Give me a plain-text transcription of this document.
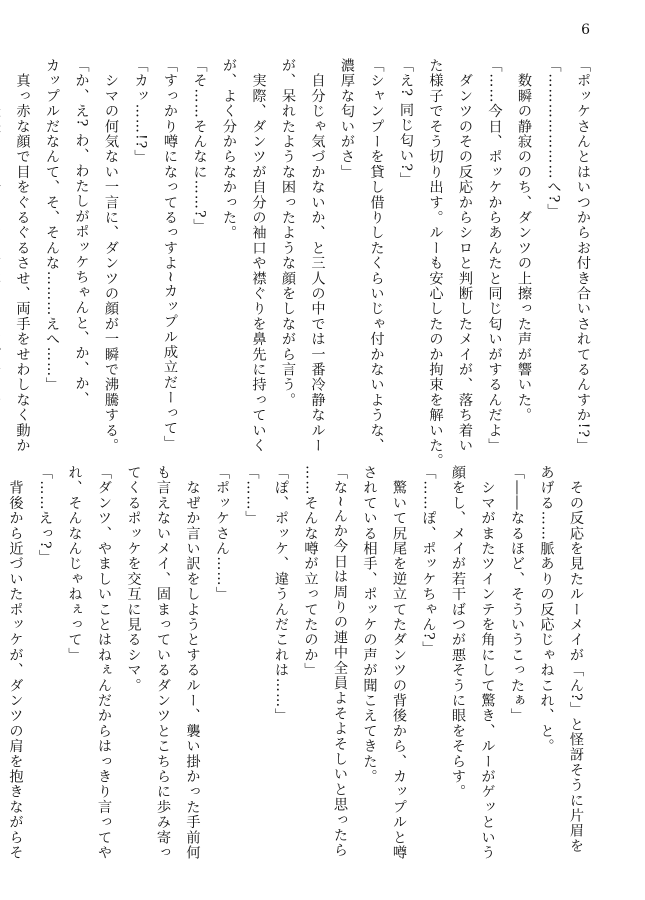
6
「ポッケさんとはいつからお付き合いされてるんすか!?」
「…………………へ?」
　数瞬の静寂ののち、ダンツの上擦った声が響いた。
「……今日、ポッケからあんたと同じ匂いがするんだよ」
　ダンツのその反応からシロと判断したメイが、落ち着い
た様子でそう切り出す。ルーも安心したのか拘束を解いた。
「え? 同じ匂い?」
「シャンプーを貸し借りしたくらいじゃ付かないような、
濃厚な匂いがさ」
　自分じゃ気づかないか、と三人の中では一番冷静なルー
が、呆れたような困ったような顔をしながら言う。
　実際、ダンツが自分の袖口や襟ぐりを鼻先に持っていく
が、よく分からなかった。
「そ……そんなに……?」
「すっかり噂になってるっすよ~カップル成立だーって」
「カッ……!?」
　シマの何気ない一言に、ダンツの顔が一瞬で沸騰する。
「か、え? わ、わたしがポッケちゃんと、か、か、
カップルだなんて、そ、そんな………えへ……」
　真っ赤な顔で目をぐるぐるさせ、両手をせわしなく動か
　その反応を見たルーメイが「ん?」と怪訝そうに片眉を
あげる……脈ありの反応じゃねこれ、と。
「――なるほど、そういうこったぁ」
　シマがまたツインテを角にして驚き、ルーがゲッという
顔をし、メイが若干ばつが悪そうに眼をそらす。
「……ぽ、ポッケちゃん?」
　驚いて尻尾を逆立てたダンツの背後から、カップルと噂
されている相手、ポッケの声が聞こえてきた。
「な~んか今日は周りの連中全員よそよそしいと思ったら
……そんな噂が立ってたのか」
「ぽ、ポッケ、違うんだこれは……」
「……」
「ポッケさん……」
　なぜか言い訳をしようとするルー、襲い掛かった手前何
も言えないメイ、固まっているダンツとこちらに歩み寄っ
てくるポッケを交互に見るシマ。
「ダンツ、やましいことはねぇんだからはっきり言ってや
れ、そんなんじゃねぇって」
「……えっ?」
　背後から近づいたポッケが、ダンツの肩を抱きながらそ
